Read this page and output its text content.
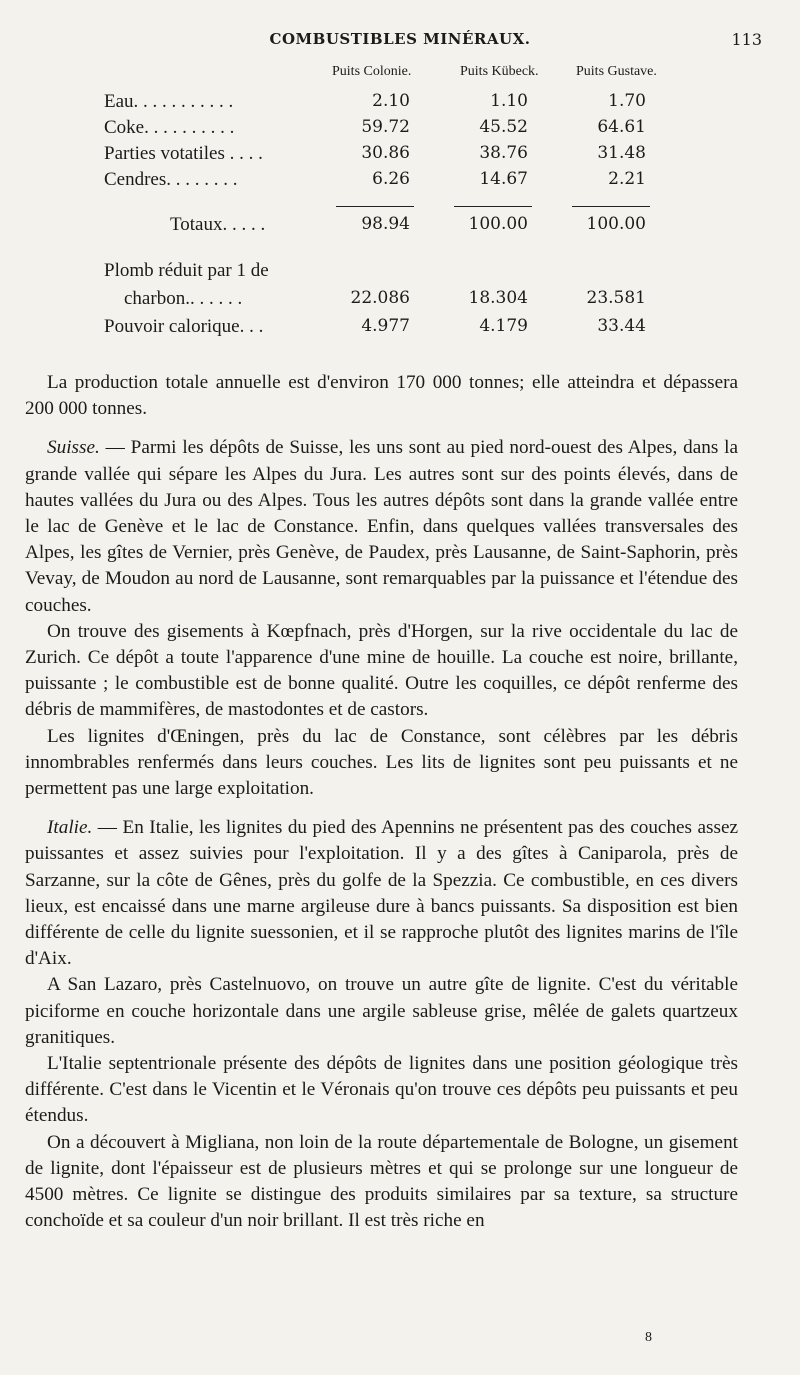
COMBUSTIBLES MINÉRAUX.	113
Puits Colonie.	Puits Kübeck.	Puits Gustave.
Eau. . . . . . . . . . .	2.10	1.10	1.70
Coke. . . . . . . . . .	59.72	45.52	64.61
Parties votatiles . . . .	30.86	38.76	31.48
Cendres. . . . . . . .	6.26	14.67	2.21
Totaux. . . . .	98.94	100.00	100.00
Plomb réduit par 1 de
charbon.. . . . . .	22.086	18.304	23.581
Pouvoir calorique. . .	4.977	4.179	33.44

La production totale annuelle est d'environ 170 000 tonnes; elle atteindra et dépassera 200 000 tonnes.

Suisse. — Parmi les dépôts de Suisse, les uns sont au pied nord-ouest des Alpes, dans la grande vallée qui sépare les Alpes du Jura. Les autres sont sur des points élevés, dans de hautes vallées du Jura ou des Alpes. Tous les autres dépôts sont dans la grande vallée entre le lac de Genève et le lac de Constance. Enfin, dans quelques vallées transversales des Alpes, les gîtes de Vernier, près Genève, de Paudex, près Lausanne, de Saint-Saphorin, près Vevay, de Moudon au nord de Lausanne, sont remarquables par la puissance et l'étendue des couches.

On trouve des gisements à Kœpfnach, près d'Horgen, sur la rive occidentale du lac de Zurich. Ce dépôt a toute l'apparence d'une mine de houille. La couche est noire, brillante, puissante ; le combustible est de bonne qualité. Outre les coquilles, ce dépôt renferme des débris de mammifères, de mastodontes et de castors.

Les lignites d'Œningen, près du lac de Constance, sont célèbres par les débris innombrables renfermés dans leurs couches. Les lits de lignites sont peu puissants et ne permettent pas une large exploitation.

Italie. — En Italie, les lignites du pied des Apennins ne présentent pas des couches assez puissantes et assez suivies pour l'exploitation. Il y a des gîtes à Caniparola, près de Sarzanne, sur la côte de Gênes, près du golfe de la Spezzia. Ce combustible, en ces divers lieux, est encaissé dans une marne argileuse dure à bancs puissants. Sa disposition est bien différente de celle du lignite suessonien, et il se rapproche plutôt des lignites marins de l'île d'Aix.

A San Lazaro, près Castelnuovo, on trouve un autre gîte de lignite. C'est du véritable piciforme en couche horizontale dans une argile sableuse grise, mêlée de galets quartzeux granitiques.

L'Italie septentrionale présente des dépôts de lignites dans une position géologique très différente. C'est dans le Vicentin et le Véronais qu'on trouve ces dépôts peu puissants et peu étendus.

On a découvert à Migliana, non loin de la route départementale de Bologne, un gisement de lignite, dont l'épaisseur est de plusieurs mètres et qui se prolonge sur une longueur de 4500 mètres. Ce lignite se distingue des produits similaires par sa texture, sa structure conchoïde et sa couleur d'un noir brillant. Il est très riche en

8
